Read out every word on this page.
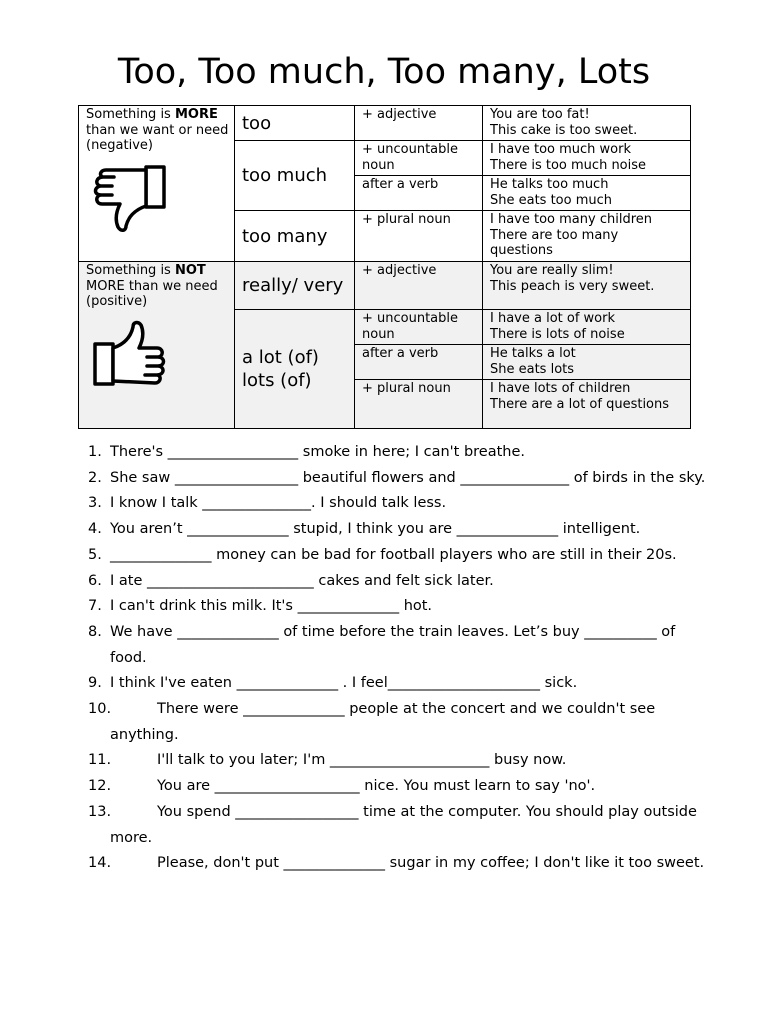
Too, Too much, Too many, Lots
Something is MORE than we want or need (negative)	too	+ adjective	You are too fat!
This cake is too sweet.

	too much	+ uncountable noun	I have too much work
There is too much noise

		after a verb	He talks too much
She eats too much

	too many	+ plural noun	I have too many children
There are too many questions

Something is NOT MORE than we need (positive)	really/ very	+ adjective	You are really slim!
This peach is very sweet.

	a lot (of) lots (of)	+ uncountable noun	I have a lot of work
There is lots of noise

		after a verb	He talks a lot
She eats lots

		+ plural noun	I have lots of children
There are a lot of questions
1. There's __________________ smoke in here; I can't breathe.
2. She saw _________________ beautiful flowers and _______________ of birds in the sky.
3. I know I talk _______________. I should talk less.
4. You aren’t ______________ stupid, I think you are ______________ intelligent.
5. ______________ money can be bad for football players who are still in their 20s.
6. I ate _______________________ cakes and felt sick later.
7. I can't drink this milk. It's ______________ hot.
8. We have ______________ of time before the train leaves. Let’s buy __________ of food.
9. I think I've eaten ______________ . I feel_____________________ sick.
10.	There were ______________ people at the concert and we couldn't see anything.
11.	I'll talk to you later; I'm ______________________ busy now.
12.	You are ____________________ nice. You must learn to say 'no'.
13.	You spend _________________ time at the computer. You should play outside more.
14.	Please, don't put ______________ sugar in my coffee; I don't like it too sweet.
